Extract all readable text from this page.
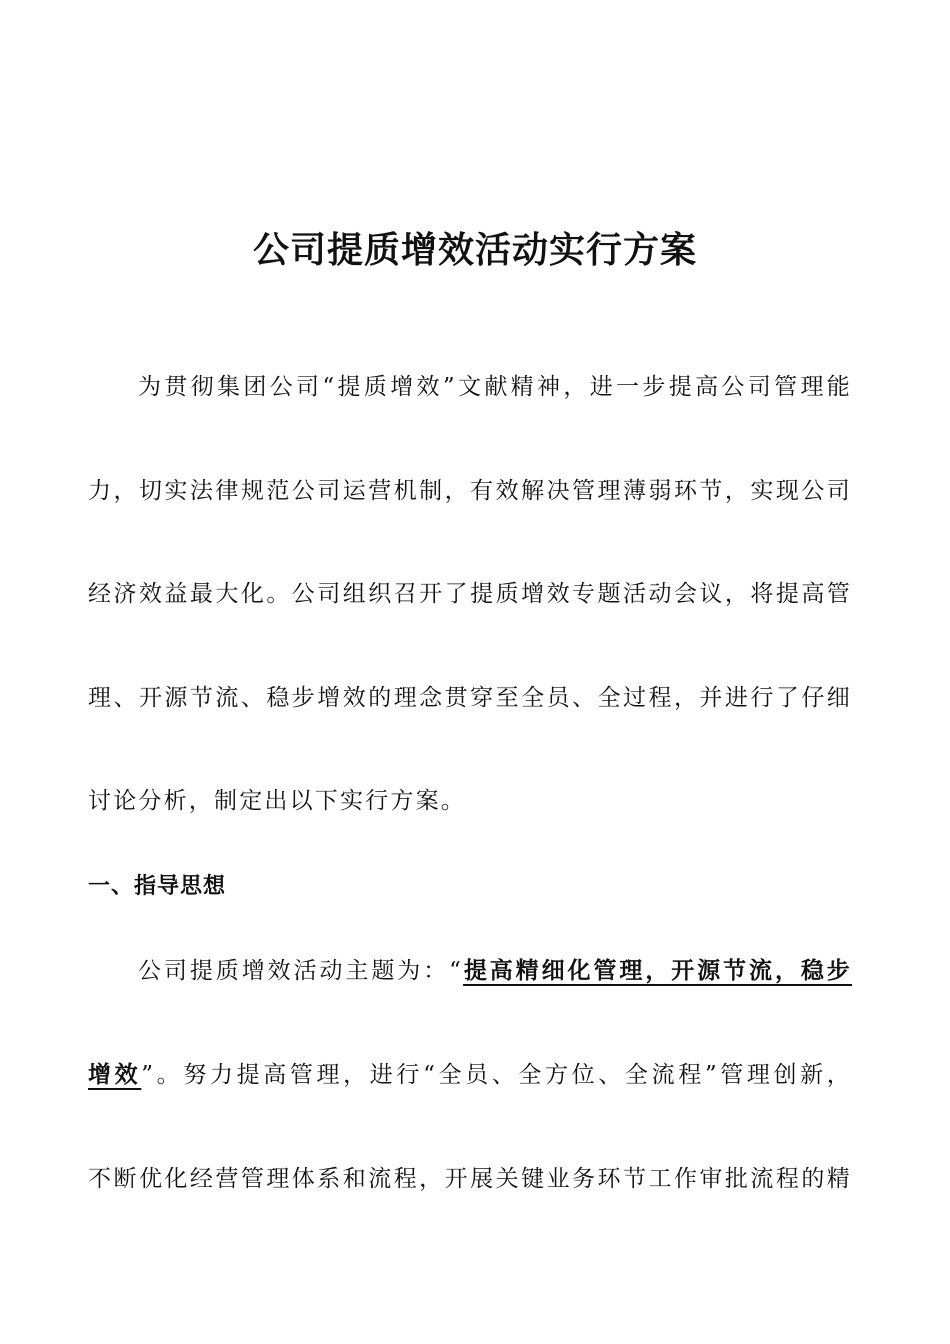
公司提质增效活动实行方案
为贯彻集团公司“提质增效”文献精神，进一步提高公司管理能
力，切实法律规范公司运营机制，有效解决管理薄弱环节，实现公司
经济效益最大化。公司组织召开了提质增效专题活动会议，将提高管
理、开源节流、稳步增效的理念贯穿至全员、全过程，并进行了仔细
讨论分析，制定出以下实行方案。
一、指导思想
公司提质增效活动主题为：“提高精细化管理，开源节流，稳步
增效”。努力提高管理，进行“全员、全方位、全流程”管理创新，
不断优化经营管理体系和流程，开展关键业务环节工作审批流程的精
